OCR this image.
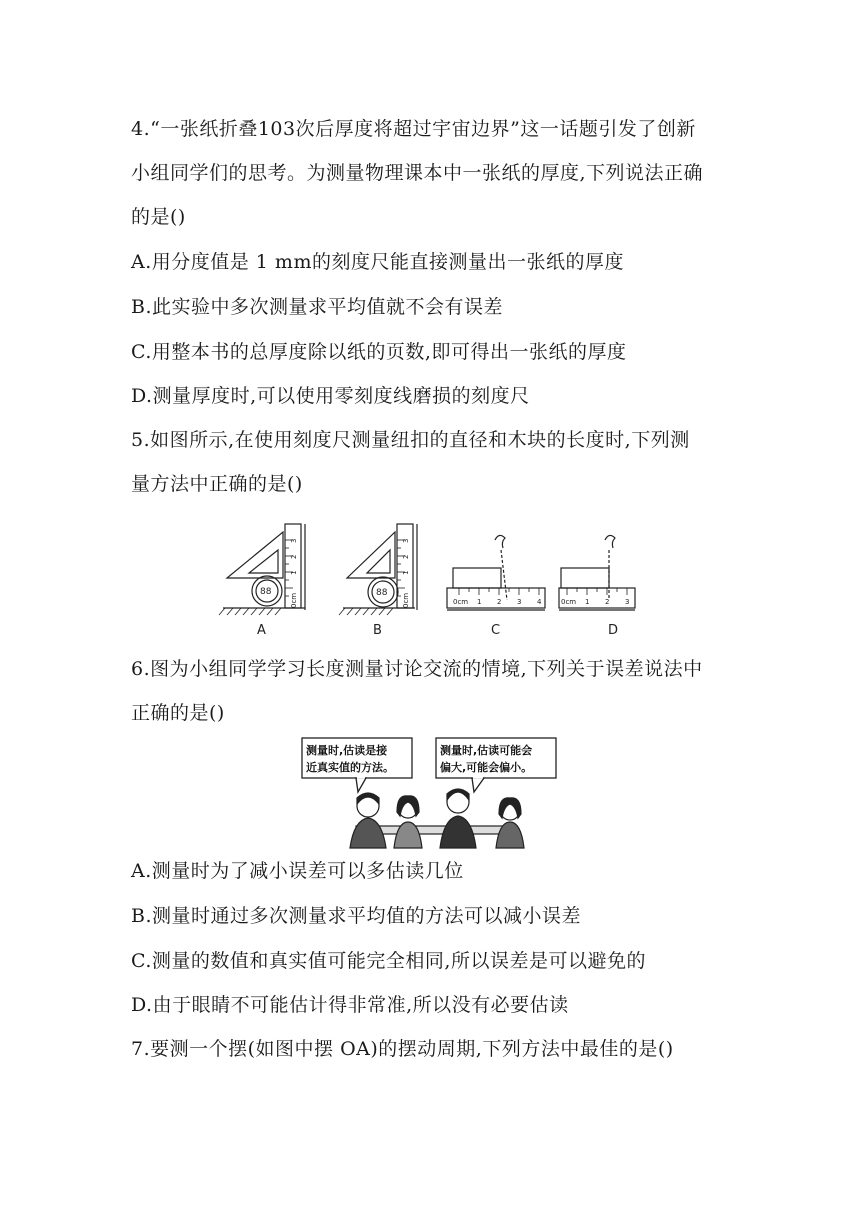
4.“一张纸折叠103次后厚度将超过宇宙边界”这一话题引发了创新
小组同学们的思考。为测量物理课本中一张纸的厚度,下列说法正确
的是()
A.用分度值是 1 mm的刻度尺能直接测量出一张纸的厚度
B.此实验中多次测量求平均值就不会有误差
C.用整本书的总厚度除以纸的页数,即可得出一张纸的厚度
D.测量厚度时,可以使用零刻度线磨损的刻度尺
5.如图所示,在使用刻度尺测量纽扣的直径和木块的长度时,下列测
量方法中正确的是()
88	88
0cm
1
2
3
0cm
1
2
3
0cm 1 2 3 4	0cm 1 2 3
A	B	C	D
6.图为小组同学学习长度测量讨论交流的情境,下列关于误差说法中
正确的是()
测量时,估读是接
近真实值的方法。
测量时,估读可能会
偏大,可能会偏小。
A.测量时为了减小误差可以多估读几位
B.测量时通过多次测量求平均值的方法可以减小误差
C.测量的数值和真实值可能完全相同,所以误差是可以避免的
D.由于眼睛不可能估计得非常准,所以没有必要估读
7.要测一个摆(如图中摆 OA)的摆动周期,下列方法中最佳的是()
